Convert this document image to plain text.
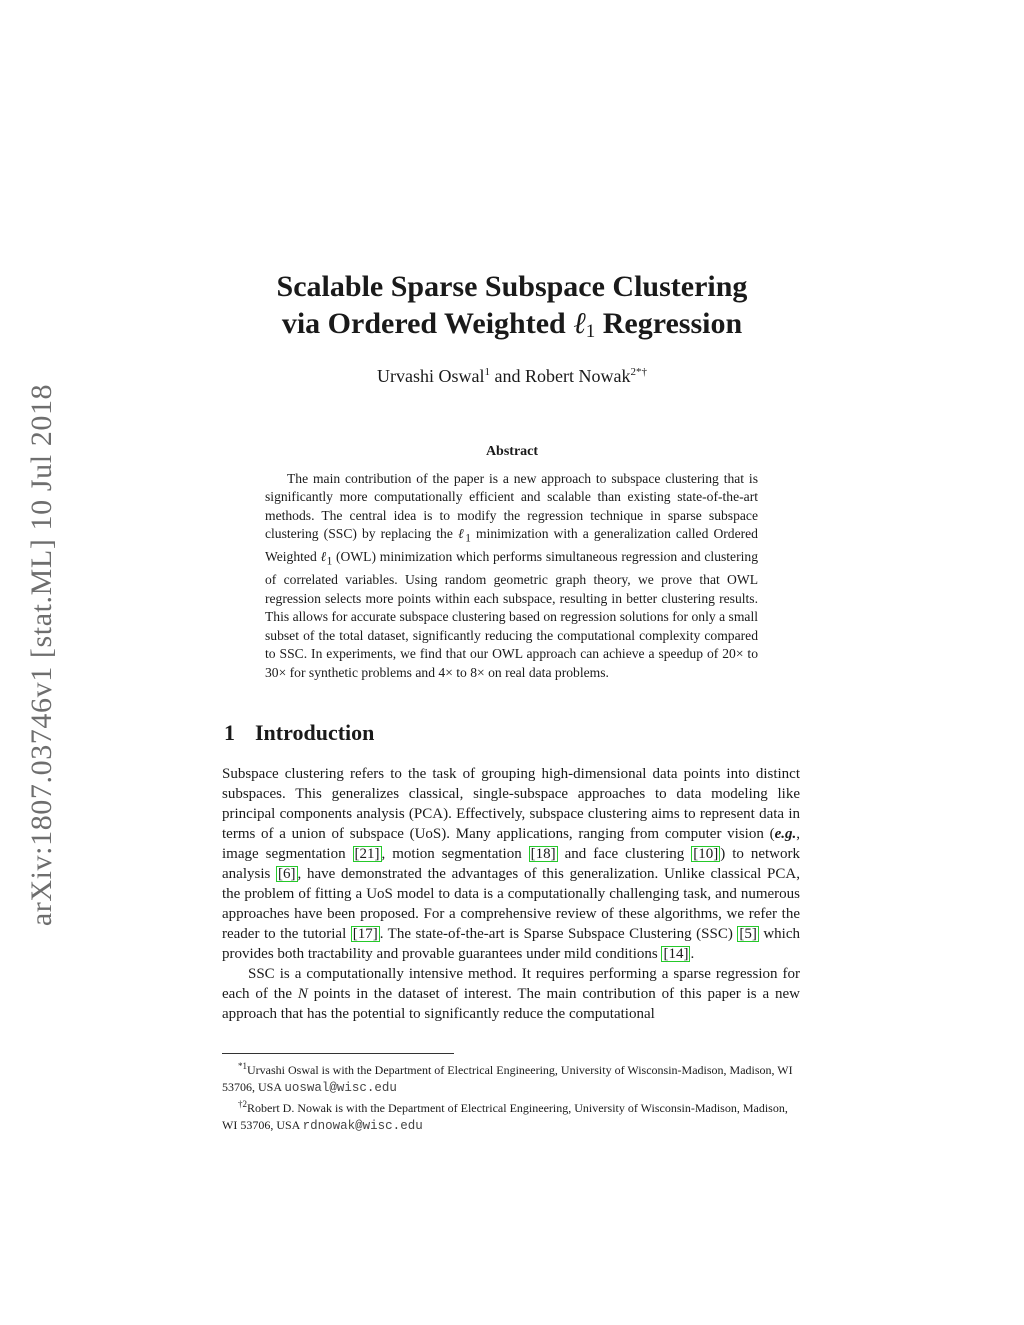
arXiv:1807.03746v1 [stat.ML] 10 Jul 2018
Scalable Sparse Subspace Clustering
via Ordered Weighted ℓ$_1$ Regression
Urvashi Oswal$^1$ and Robert Nowak$^{2*\dagger}$
Abstract
The main contribution of the paper is a new approach to subspace clustering that is significantly more computationally efficient and scalable than existing state-of-the-art methods. The central idea is to modify the regression technique in sparse subspace clustering (SSC) by replacing the ℓ$_1$ minimization with a generalization called Ordered Weighted ℓ$_1$ (OWL) minimization which performs simultaneous regression and clustering of correlated variables. Using random geometric graph theory, we prove that OWL regression selects more points within each subspace, resulting in better clustering results. This allows for accurate subspace clustering based on regression solutions for only a small subset of the total dataset, significantly reducing the computational complexity compared to SSC. In experiments, we find that our OWL approach can achieve a speedup of 20× to 30× for synthetic problems and 4× to 8× on real data problems.
1 Introduction

Subspace clustering refers to the task of grouping high-dimensional data points into distinct subspaces. This generalizes classical, single-subspace approaches to data modeling like principal components analysis (PCA). Effectively, subspace clustering aims to represent data in terms of a union of subspace (UoS). Many applications, ranging from computer vision (e.g., image segmentation [21] , motion segmentation [18] and face clustering [10] ) to network analysis [6] , have demonstrated the advantages of this generalization. Unlike classical PCA, the problem of fitting a UoS model to data is a computationally challenging task, and numerous approaches have been proposed. For a comprehensive review of these algorithms, we refer the reader to the tutorial [17] . The state-of-the-art is Sparse Subspace Clustering (SSC) [5] which provides both tractability and provable guarantees under mild conditions [14] .

SSC is a computationally intensive method. It requires performing a sparse regression for each of the N points in the dataset of interest. The main contribution of this paper is a new approach that has the potential to significantly reduce the computational

$^{*1}$Urvashi Oswal is with the Department of Electrical Engineering, University of Wisconsin-Madison, Madison, WI 53706, USA uoswal@wisc.edu

$^{\dagger 2}$Robert D. Nowak is with the Department of Electrical Engineering, University of Wisconsin-Madison, Madison, WI 53706, USA rdnowak@wisc.edu
